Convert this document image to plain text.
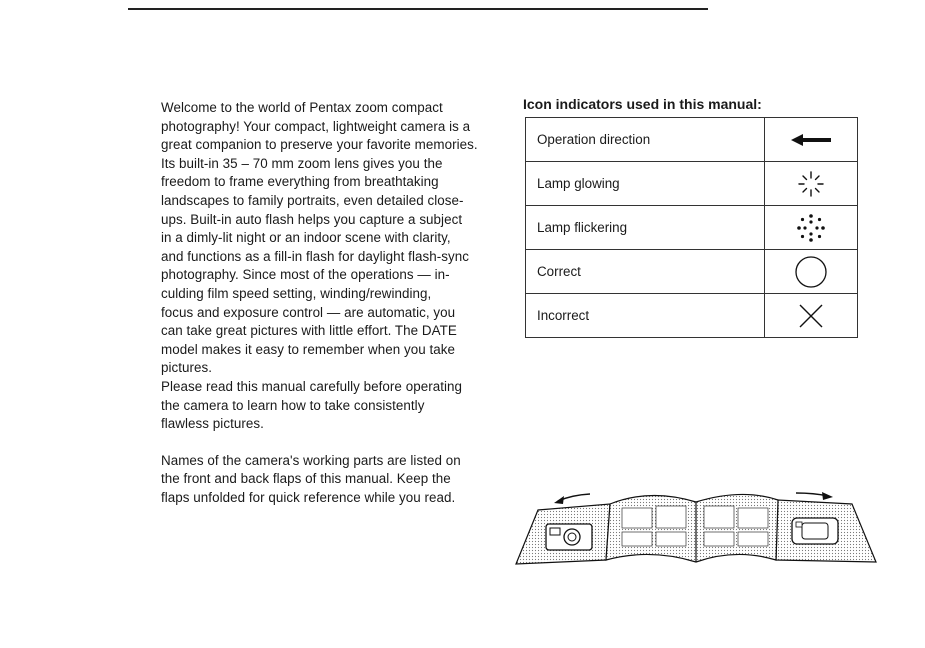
Welcome to the world of Pentax zoom compact
photography! Your compact, lightweight camera is a
great companion to preserve your favorite memories.
Its built-in 35 – 70 mm zoom lens gives you the
freedom to frame everything from breathtaking
landscapes to family portraits, even detailed close-
ups. Built-in auto flash helps you capture a subject
in a dimly-lit night or an indoor scene with clarity,
and functions as a fill-in flash for daylight flash-sync
photography. Since most of the operations — in-
culding film speed setting, winding/rewinding,
focus and exposure control — are automatic, you
can take great pictures with little effort. The DATE
model makes it easy to remember when you take
pictures.
Please read this manual carefully before operating
the camera to learn how to take consistently
flawless pictures.

Names of the camera's working parts are listed on
the front and back flaps of this manual. Keep the
flaps unfolded for quick reference while you read.

Icon indicators used in this manual:
Operation direction	

Lamp glowing	

Lamp flickering	

Correct	

Incorrect	
